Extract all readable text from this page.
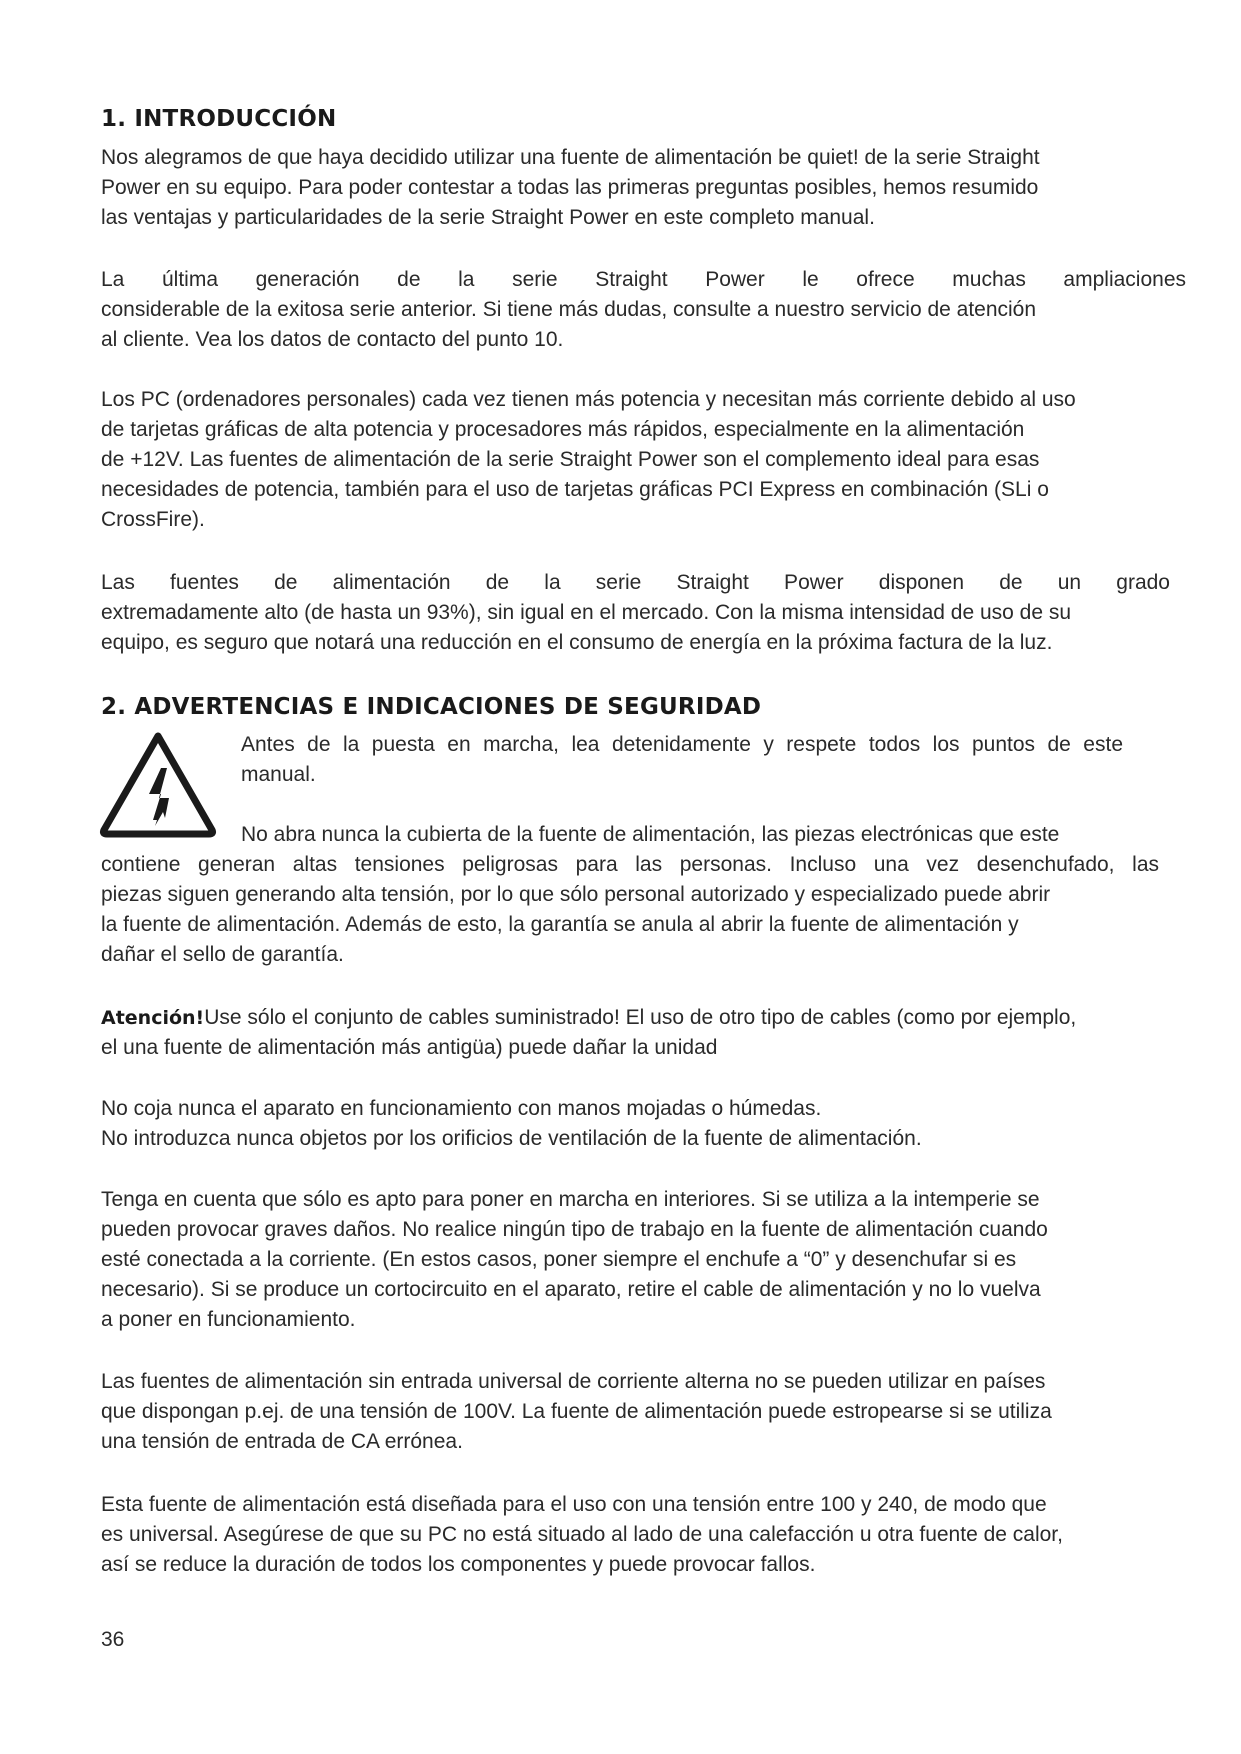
1. INTRODUCCIÓN

Nos alegramos de que haya decidido utilizar una fuente de alimentación be quiet! de la serie Straight
Power en su equipo. Para poder contestar a todas las primeras preguntas posibles, hemos resumido
las ventajas y particularidades de la serie Straight Power en este completo manual.

La última generación de la serie Straight Power le ofrece muchas ampliaciones
considerable de la exitosa serie anterior. Si tiene más dudas, consulte a nuestro servicio de atención
al cliente. Vea los datos de contacto del punto 10.

Los PC (ordenadores personales) cada vez tienen más potencia y necesitan más corriente debido al uso
de tarjetas gráficas de alta potencia y procesadores más rápidos, especialmente en la alimentación
de +12V. Las fuentes de alimentación de la serie Straight Power son el complemento ideal para esas
necesidades de potencia, también para el uso de tarjetas gráficas PCI Express en combinación (SLi o
CrossFire).

Las fuentes de alimentación de la serie Straight Power disponen de un grado
extremadamente alto (de hasta un 93%), sin igual en el mercado. Con la misma intensidad de uso de su
equipo, es seguro que notará una reducción en el consumo de energía en la próxima factura de la luz.

2. ADVERTENCIAS E INDICACIONES DE SEGURIDAD

Antes de la puesta en marcha, lea detenidamente y respete todos los puntos de este
manual.

No abra nunca la cubierta de la fuente de alimentación, las piezas electrónicas que este

contiene generan altas tensiones peligrosas para las personas. Incluso una vez desenchufado, las
piezas siguen generando alta tensión, por lo que sólo personal autorizado y especializado puede abrir
la fuente de alimentación. Además de esto, la garantía se anula al abrir la fuente de alimentación y
dañar el sello de garantía.

Atención!Use sólo el conjunto de cables suministrado! El uso de otro tipo de cables (como por ejemplo,
el una fuente de alimentación más antigüa) puede dañar la unidad

No coja nunca el aparato en funcionamiento con manos mojadas o húmedas.
No introduzca nunca objetos por los orificios de ventilación de la fuente de alimentación.

Tenga en cuenta que sólo es apto para poner en marcha en interiores. Si se utiliza a la intemperie se
pueden provocar graves daños. No realice ningún tipo de trabajo en la fuente de alimentación cuando
esté conectada a la corriente. (En estos casos, poner siempre el enchufe a “0” y desenchufar si es
necesario). Si se produce un cortocircuito en el aparato, retire el cable de alimentación y no lo vuelva
a poner en funcionamiento.

Las fuentes de alimentación sin entrada universal de corriente alterna no se pueden utilizar en países
que dispongan p.ej. de una tensión de 100V. La fuente de alimentación puede estropearse si se utiliza
una tensión de entrada de CA errónea.

Esta fuente de alimentación está diseñada para el uso con una tensión entre 100 y 240, de modo que
es universal. Asegúrese de que su PC no está situado al lado de una calefacción u otra fuente de calor,
así se reduce la duración de todos los componentes y puede provocar fallos.

36
